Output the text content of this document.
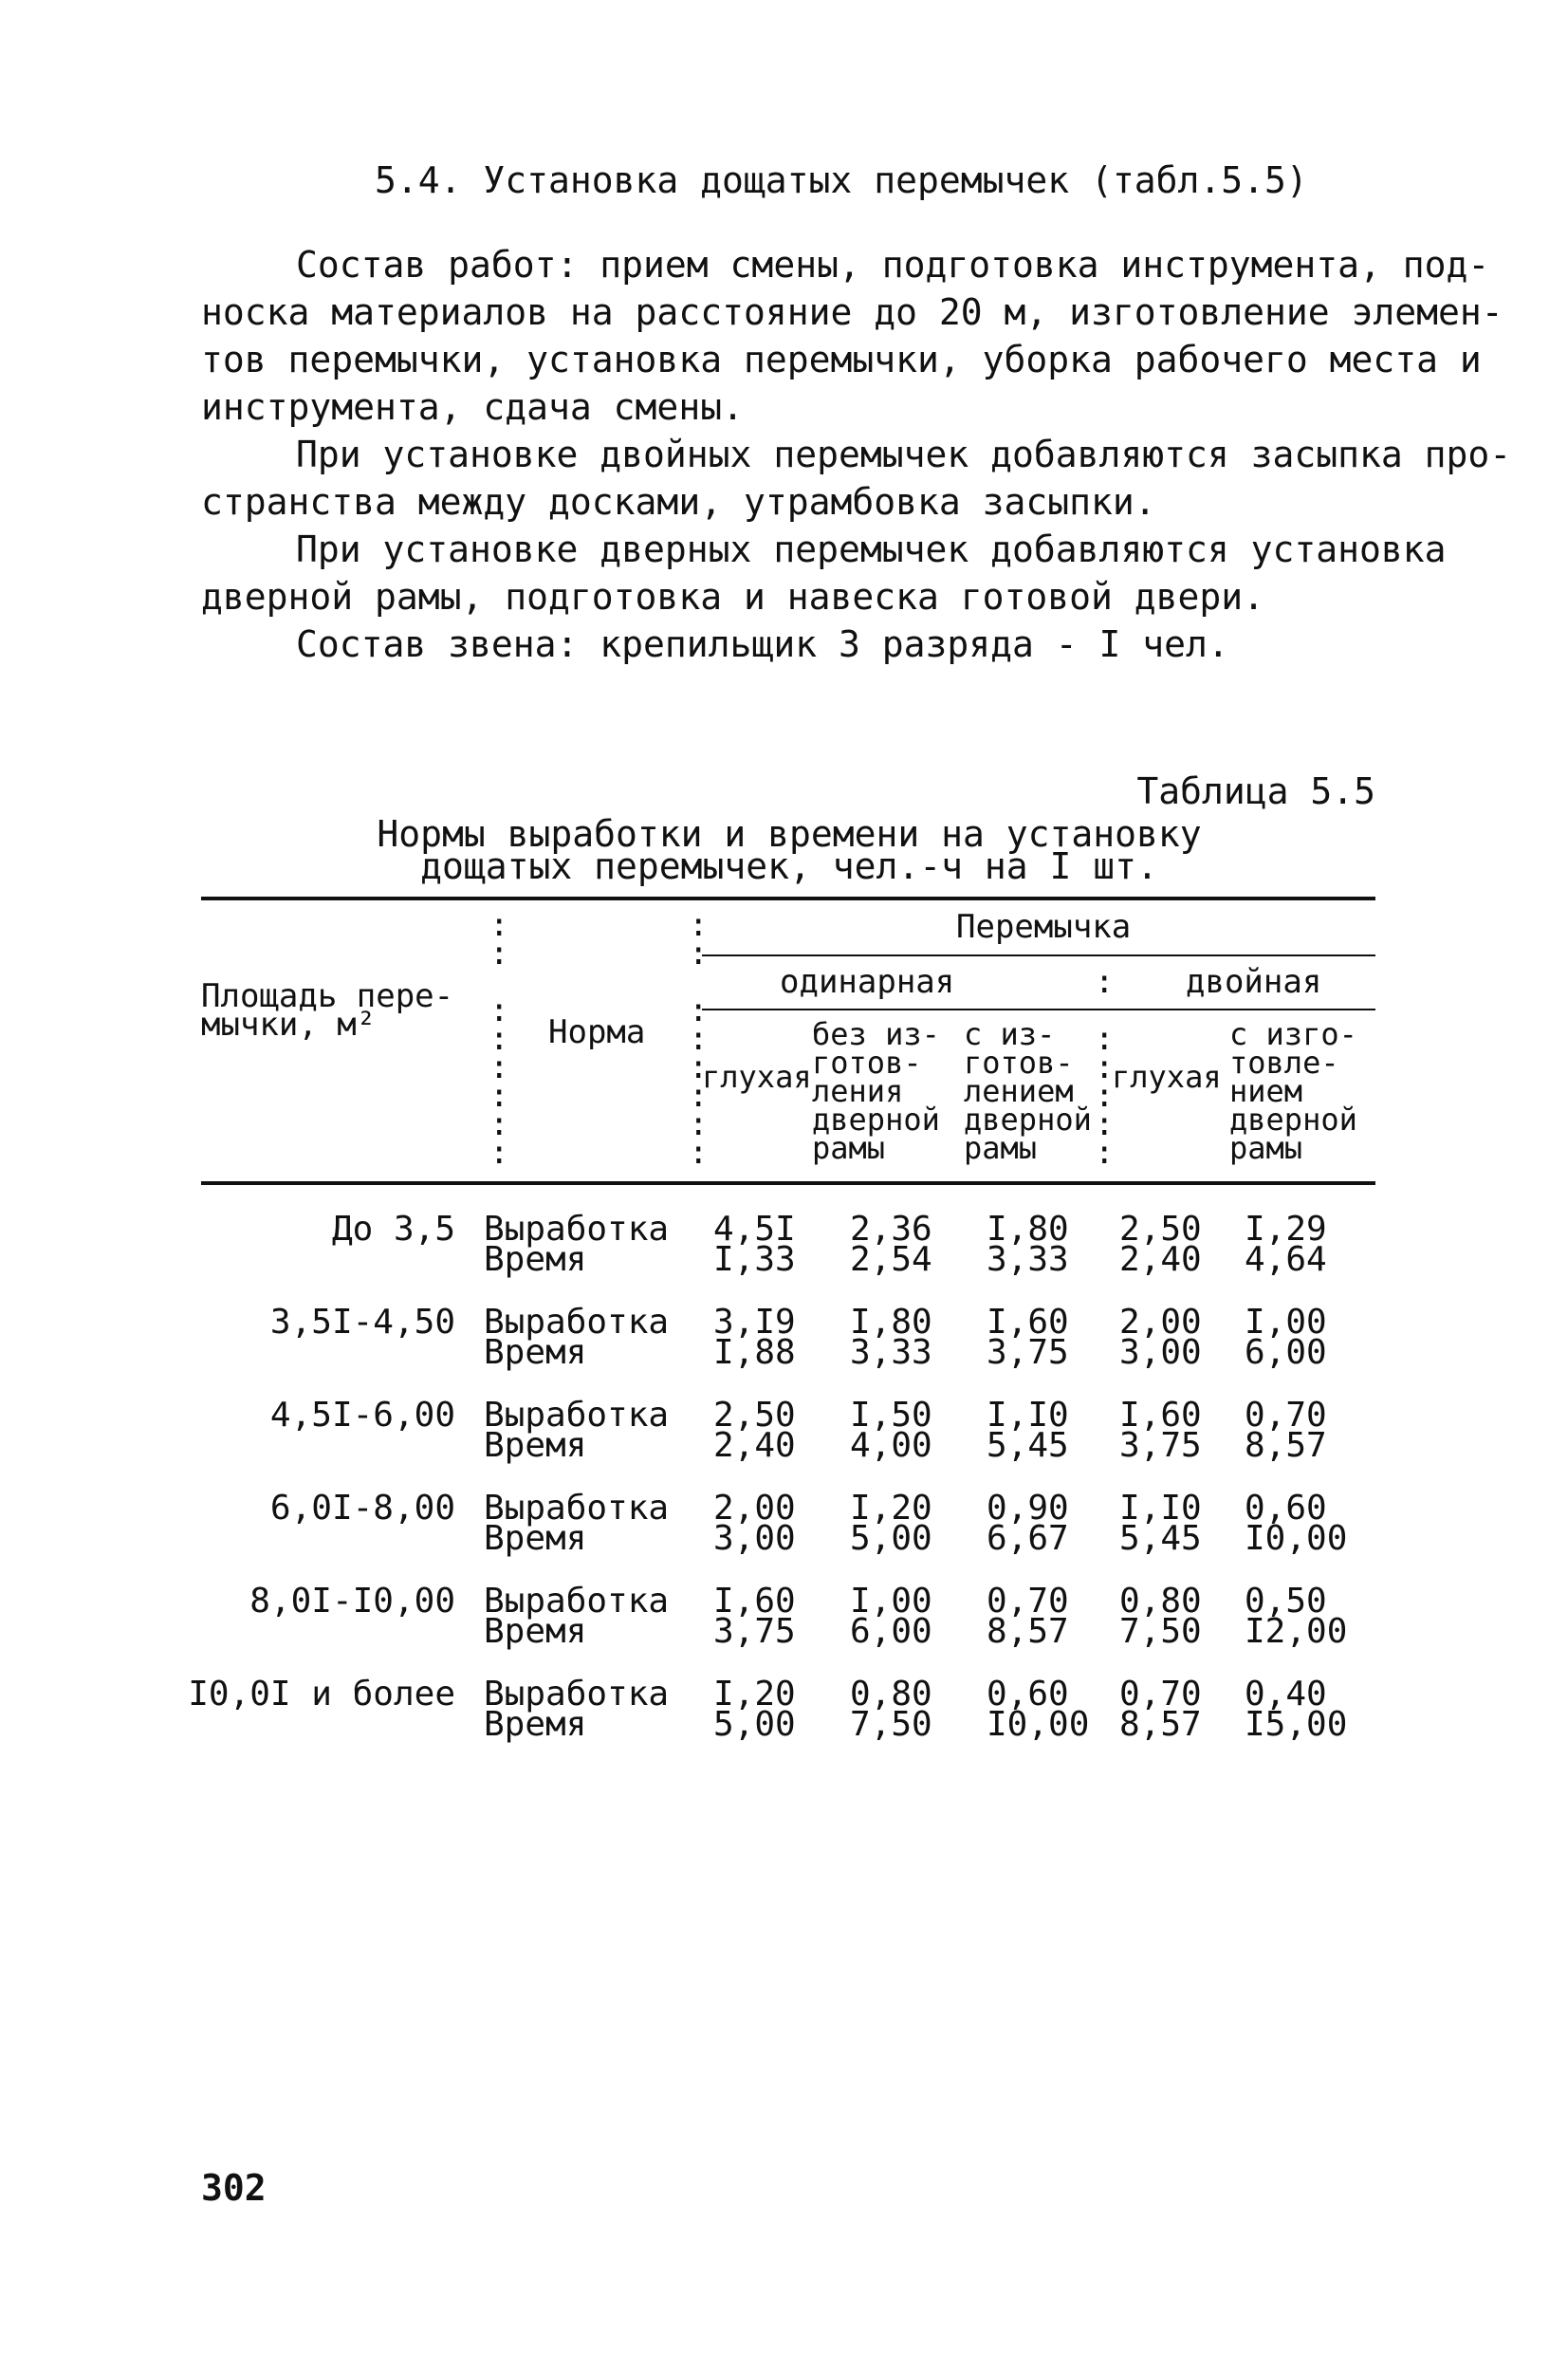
5.4. Установка дощатых перемычек (табл.5.5)

Состав работ: прием смены, подготовка инструмента, под-
носка материалов на расстояние до 20 м, изготовление элемен-
тов перемычки, установка перемычки, уборка рабочего места и
инструмента, сдача смены.

При установке двойных перемычек добавляются засыпка про-
странства между досками, утрамбовка засыпки.

При установке дверных перемычек добавляются установка
дверной рамы, подготовка и навеска готовой двери.

Состав звена: крепильщик 3 разряда - I чел.

Таблица 5.5
Нормы выработки и времени на установку
дощатых перемычек, чел.-ч на I шт.
Площадь пере-
мычки, м²	Норма
Перемычка
одинарная	двойная
:
:

:
:
:
:
:
:
:
:

:
:
:
:
:
:
:

:
:
:
:
:
глухая
без из-
готов-
ления
дверной
рамы
с из-
готов-
лением
дверной
рамы
глухая
с изго-
товле-
нием
дверной
рамы
До 3,5 Выработка
Время
4,5I
I,33
2,36
2,54
I,80
3,33
2,50
2,40
I,29
4,64
3,5I-4,50 Выработка
Время
3,I9
I,88
I,80
3,33
I,60
3,75
2,00
3,00
I,00
6,00
4,5I-6,00 Выработка
Время
2,50
2,40
I,50
4,00
I,I0
5,45
I,60
3,75
0,70
8,57
6,0I-8,00 Выработка
Время
2,00
3,00
I,20
5,00
0,90
6,67
I,I0
5,45
0,60
I0,00
8,0I-I0,00 Выработка
Время
I,60
3,75
I,00
6,00
0,70
8,57
0,80
7,50
0,50
I2,00
I0,0I и более Выработка
Время
I,20
5,00
0,80
7,50
0,60
I0,00
0,70
8,57
0,40
I5,00
302
